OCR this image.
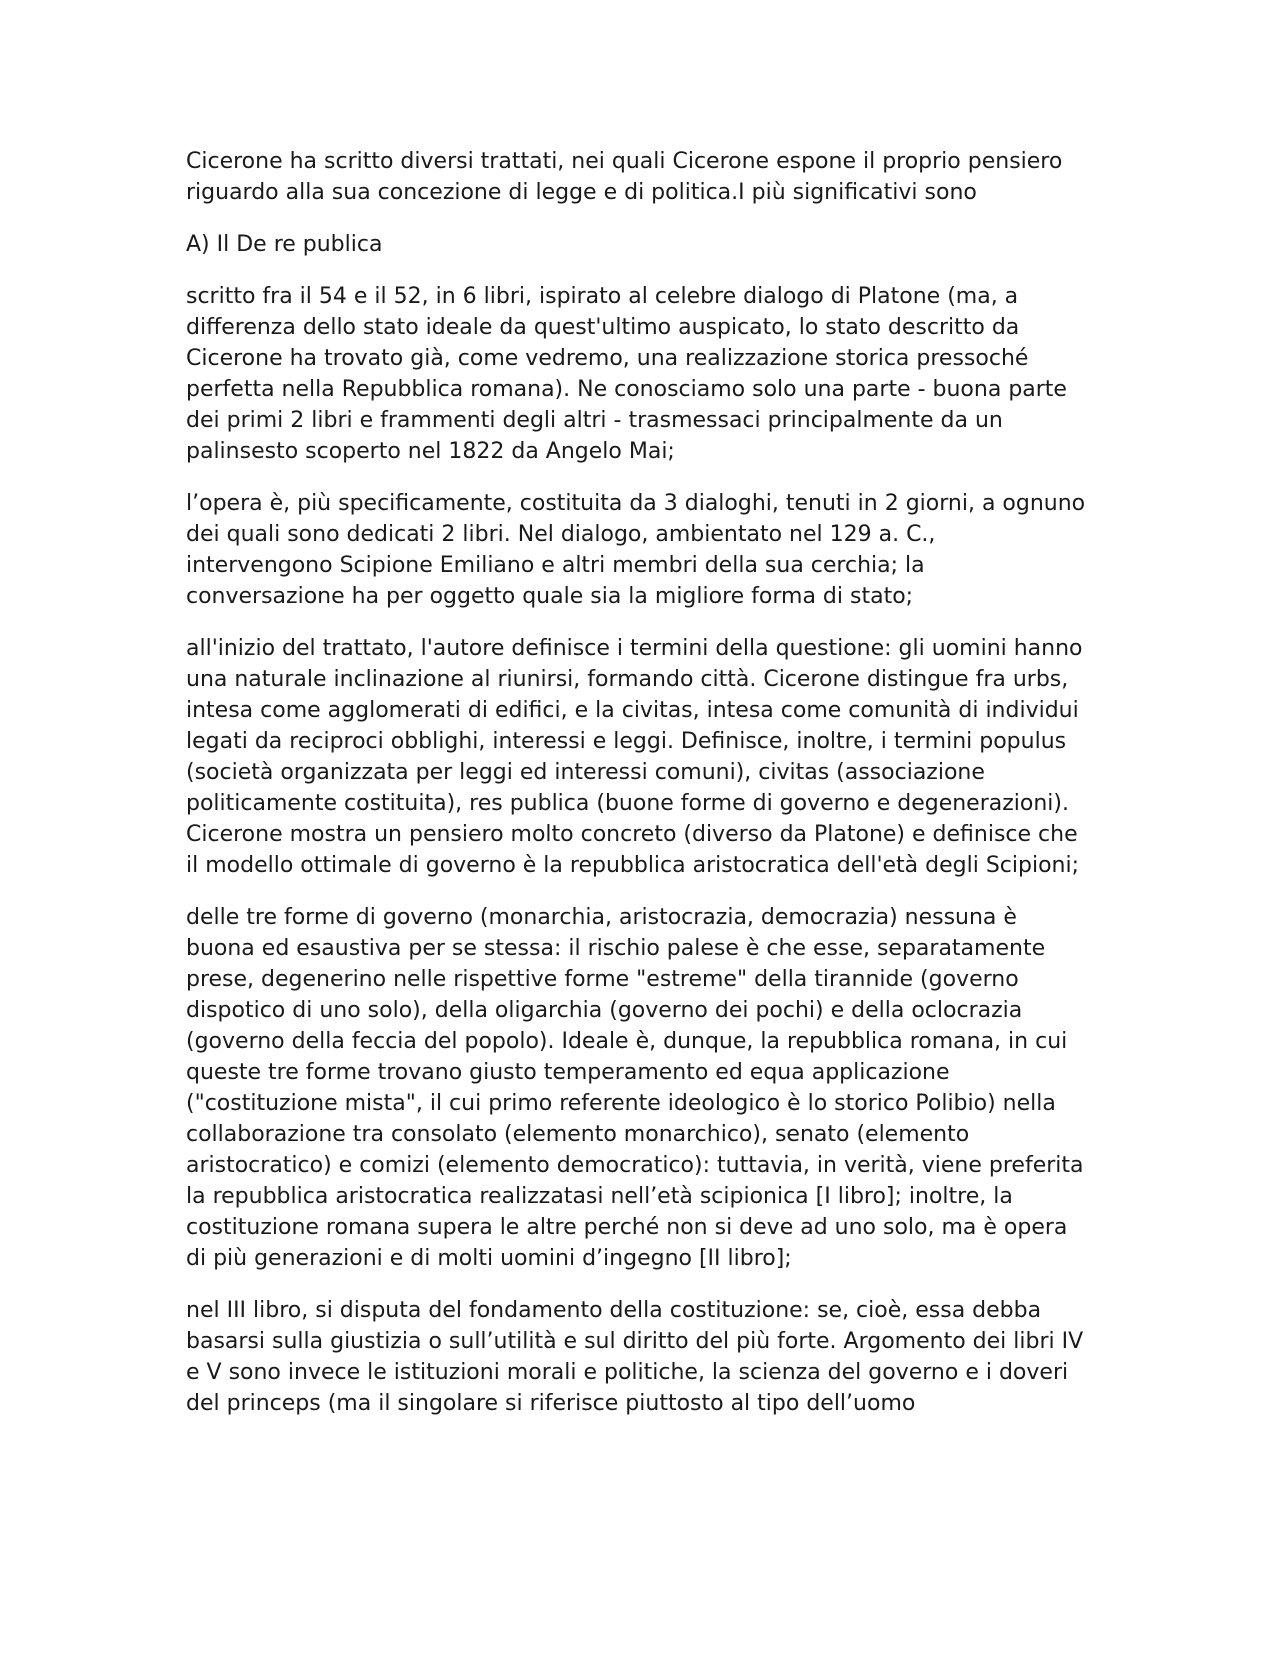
Cicerone ha scritto diversi trattati, nei quali Cicerone espone il proprio pensiero riguardo alla sua concezione di legge e di politica.I più significativi sono

A) Il De re publica

scritto fra il 54 e il 52, in 6 libri, ispirato al celebre dialogo di Platone (ma, a differenza dello stato ideale da quest'ultimo auspicato, lo stato descritto da Cicerone ha trovato già, come vedremo, una realizzazione storica pressoché perfetta nella Repubblica romana). Ne conosciamo solo una parte - buona parte dei primi 2 libri e frammenti degli altri - trasmessaci principalmente da un palinsesto scoperto nel 1822 da Angelo Mai;

l’opera è, più specificamente, costituita da 3 dialoghi, tenuti in 2 giorni, a ognuno dei quali sono dedicati 2 libri. Nel dialogo, ambientato nel 129 a. C., intervengono Scipione Emiliano e altri membri della sua cerchia; la conversazione ha per oggetto quale sia la migliore forma di stato;

all'inizio del trattato, l'autore definisce i termini della questione: gli uomini hanno una naturale inclinazione al riunirsi, formando città. Cicerone distingue fra urbs, intesa come agglomerati di edifici, e la civitas, intesa come comunità di individui legati da reciproci obblighi, interessi e leggi. Definisce, inoltre, i termini populus (società organizzata per leggi ed interessi comuni), civitas (associazione politicamente costituita), res publica (buone forme di governo e degenerazioni). Cicerone mostra un pensiero molto concreto (diverso da Platone) e definisce che il modello ottimale di governo è la repubblica aristocratica dell'età degli Scipioni;

delle tre forme di governo (monarchia, aristocrazia, democrazia) nessuna è buona ed esaustiva per se stessa: il rischio palese è che esse, separatamente prese, degenerino nelle rispettive forme "estreme" della tirannide (governo dispotico di uno solo), della oligarchia (governo dei pochi) e della oclocrazia (governo della feccia del popolo). Ideale è, dunque, la repubblica romana, in cui queste tre forme trovano giusto temperamento ed equa applicazione ("costituzione mista", il cui primo referente ideologico è lo storico Polibio) nella collaborazione tra consolato (elemento monarchico), senato (elemento aristocratico) e comizi (elemento democratico): tuttavia, in verità, viene preferita la repubblica aristocratica realizzatasi nell’età scipionica [I libro]; inoltre, la costituzione romana supera le altre perché non si deve ad uno solo, ma è opera di più generazioni e di molti uomini d’ingegno [II libro];

nel III libro, si disputa del fondamento della costituzione: se, cioè, essa debba basarsi sulla giustizia o sull’utilità e sul diritto del più forte. Argomento dei libri IV e V sono invece le istituzioni morali e politiche, la scienza del governo e i doveri del princeps (ma il singolare si riferisce piuttosto al tipo dell’uomo
